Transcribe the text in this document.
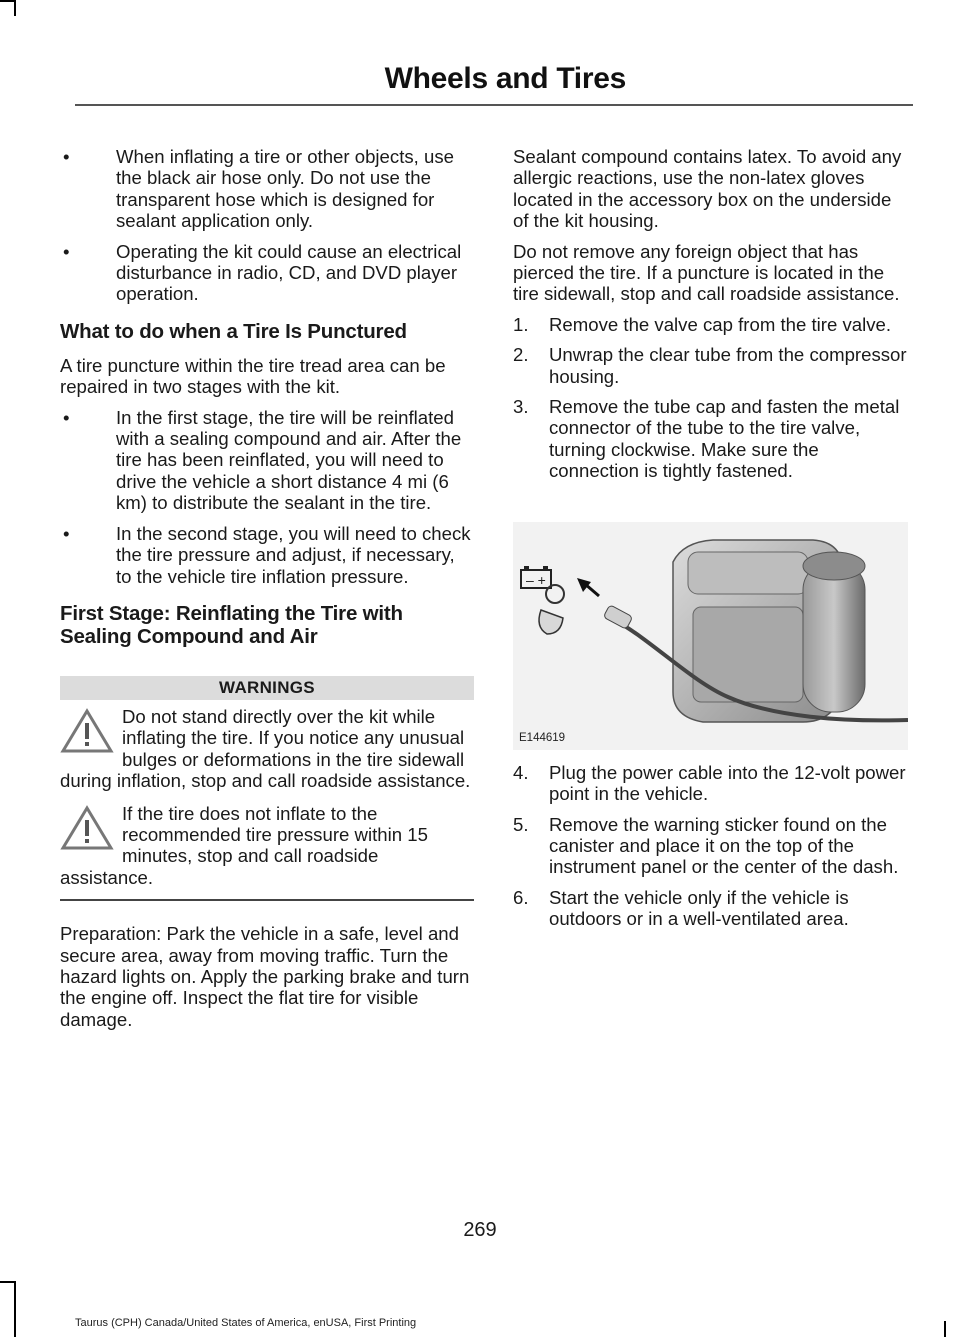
Wheels and Tires
• When inflating a tire or other objects, use the black air hose only. Do not use the transparent hose which is designed for sealant application only.
• Operating the kit could cause an electrical disturbance in radio, CD, and DVD player operation.
What to do when a Tire Is Punctured

A tire puncture within the tire tread area can be repaired in two stages with the kit.

• In the first stage, the tire will be reinflated with a sealing compound and air. After the tire has been reinflated, you will need to drive the vehicle a short distance 4 mi (6 km) to distribute the sealant in the tire.
• In the second stage, you will need to check the tire pressure and adjust, if necessary, to the vehicle tire inflation pressure.
First Stage: Reinflating the Tire with Sealing Compound and Air
WARNINGS
Do not stand directly over the kit while inflating the tire. If you notice any unusual bulges or deformations in the tire sidewall during inflation, stop and call roadside assistance.
If the tire does not inflate to the recommended tire pressure within 15 minutes, stop and call roadside assistance.

Preparation: Park the vehicle in a safe, level and secure area, away from moving traffic. Turn the hazard lights on. Apply the parking brake and turn the engine off. Inspect the flat tire for visible damage.

Sealant compound contains latex. To avoid any allergic reactions, use the non-latex gloves located in the accessory box on the underside of the kit housing.

Do not remove any foreign object that has pierced the tire. If a puncture is located in the tire sidewall, stop and call roadside assistance.

1. Remove the valve cap from the tire valve.
2. Unwrap the clear tube from the compressor housing.
3. Remove the tube cap and fasten the metal connector of the tube to the tire valve, turning clockwise. Make sure the connection is tightly fastened.
– +
E144619
4. Plug the power cable into the 12-volt power point in the vehicle.
5. Remove the warning sticker found on the canister and place it on the top of the instrument panel or the center of the dash.
6. Start the vehicle only if the vehicle is outdoors or in a well-ventilated area.
269
Taurus (CPH) Canada/United States of America, enUSA, First Printing
